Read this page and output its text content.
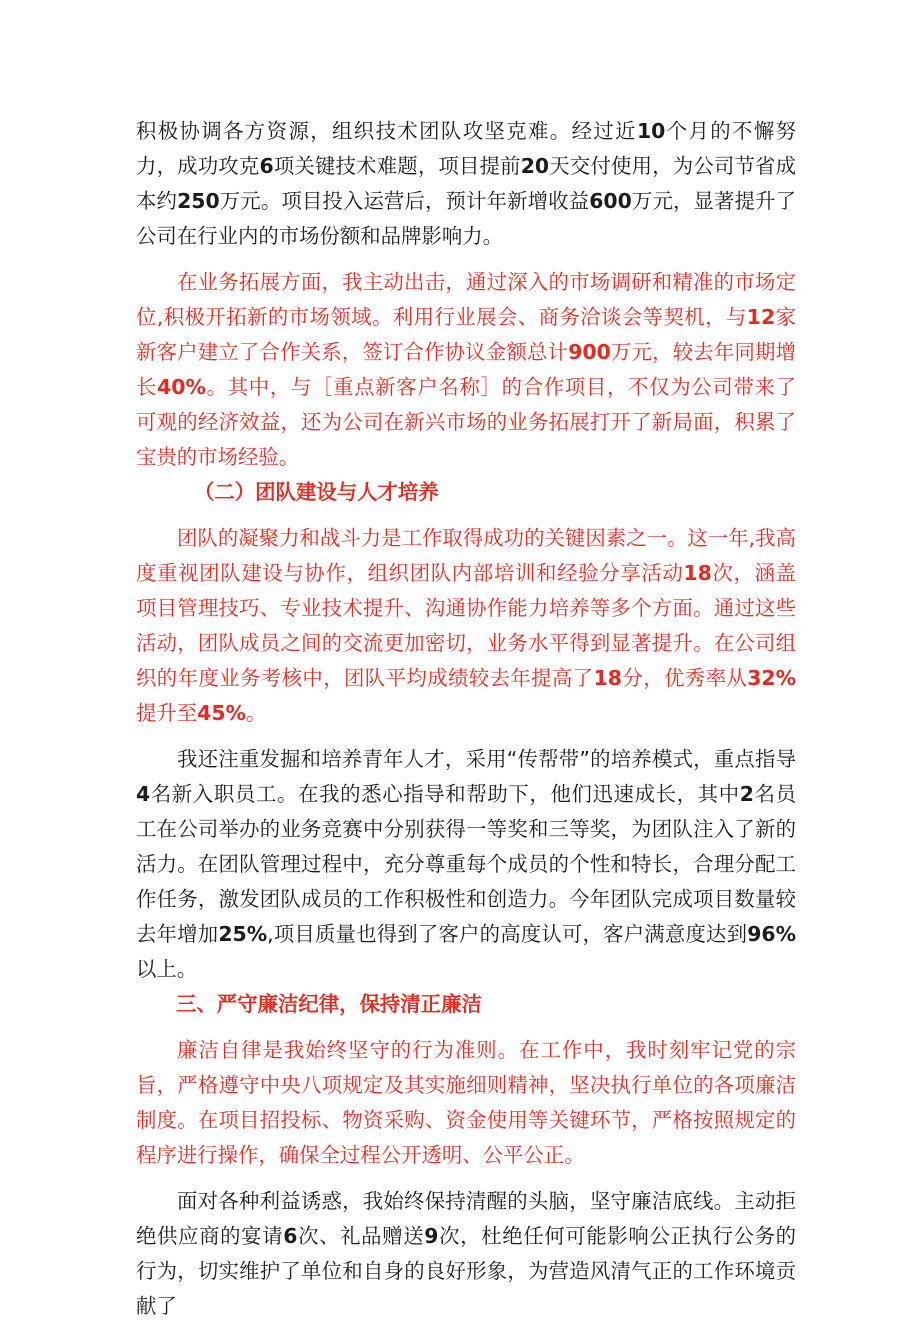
积极协调各方资源，组织技术团队攻坚克难。经过近10个月的不懈努力，成功攻克6项关键技术难题，项目提前20天交付使用，为公司节省成本约250万元。项目投入运营后，预计年新增收益600万元，显著提升了公司在行业内的市场份额和品牌影响力。

在业务拓展方面，我主动出击，通过深入的市场调研和精准的市场定位,积极开拓新的市场领域。利用行业展会、商务洽谈会等契机，与12家新客户建立了合作关系，签订合作协议金额总计900万元，较去年同期增长40%。其中，与［重点新客户名称］的合作项目，不仅为公司带来了可观的经济效益，还为公司在新兴市场的业务拓展打开了新局面，积累了宝贵的市场经验。

（二）团队建设与人才培养

团队的凝聚力和战斗力是工作取得成功的关键因素之一。这一年,我高度重视团队建设与协作，组织团队内部培训和经验分享活动18次，涵盖项目管理技巧、专业技术提升、沟通协作能力培养等多个方面。通过这些活动，团队成员之间的交流更加密切，业务水平得到显著提升。在公司组织的年度业务考核中，团队平均成绩较去年提高了18分，优秀率从32%提升至45%。

我还注重发掘和培养青年人才，采用“传帮带”的培养模式，重点指导4名新入职员工。在我的悉心指导和帮助下，他们迅速成长，其中2名员工在公司举办的业务竞赛中分别获得一等奖和三等奖，为团队注入了新的活力。在团队管理过程中，充分尊重每个成员的个性和特长，合理分配工作任务，激发团队成员的工作积极性和创造力。今年团队完成项目数量较去年增加25%,项目质量也得到了客户的高度认可，客户满意度达到96%以上。

三、严守廉洁纪律，保持清正廉洁

廉洁自律是我始终坚守的行为准则。在工作中，我时刻牢记党的宗旨，严格遵守中央八项规定及其实施细则精神，坚决执行单位的各项廉洁制度。在项目招投标、物资采购、资金使用等关键环节，严格按照规定的程序进行操作，确保全过程公开透明、公平公正。

面对各种利益诱惑，我始终保持清醒的头脑，坚守廉洁底线。主动拒绝供应商的宴请6次、礼品赠送9次，杜绝任何可能影响公正执行公务的行为，切实维护了单位和自身的良好形象，为营造风清气正的工作环境贡献了
